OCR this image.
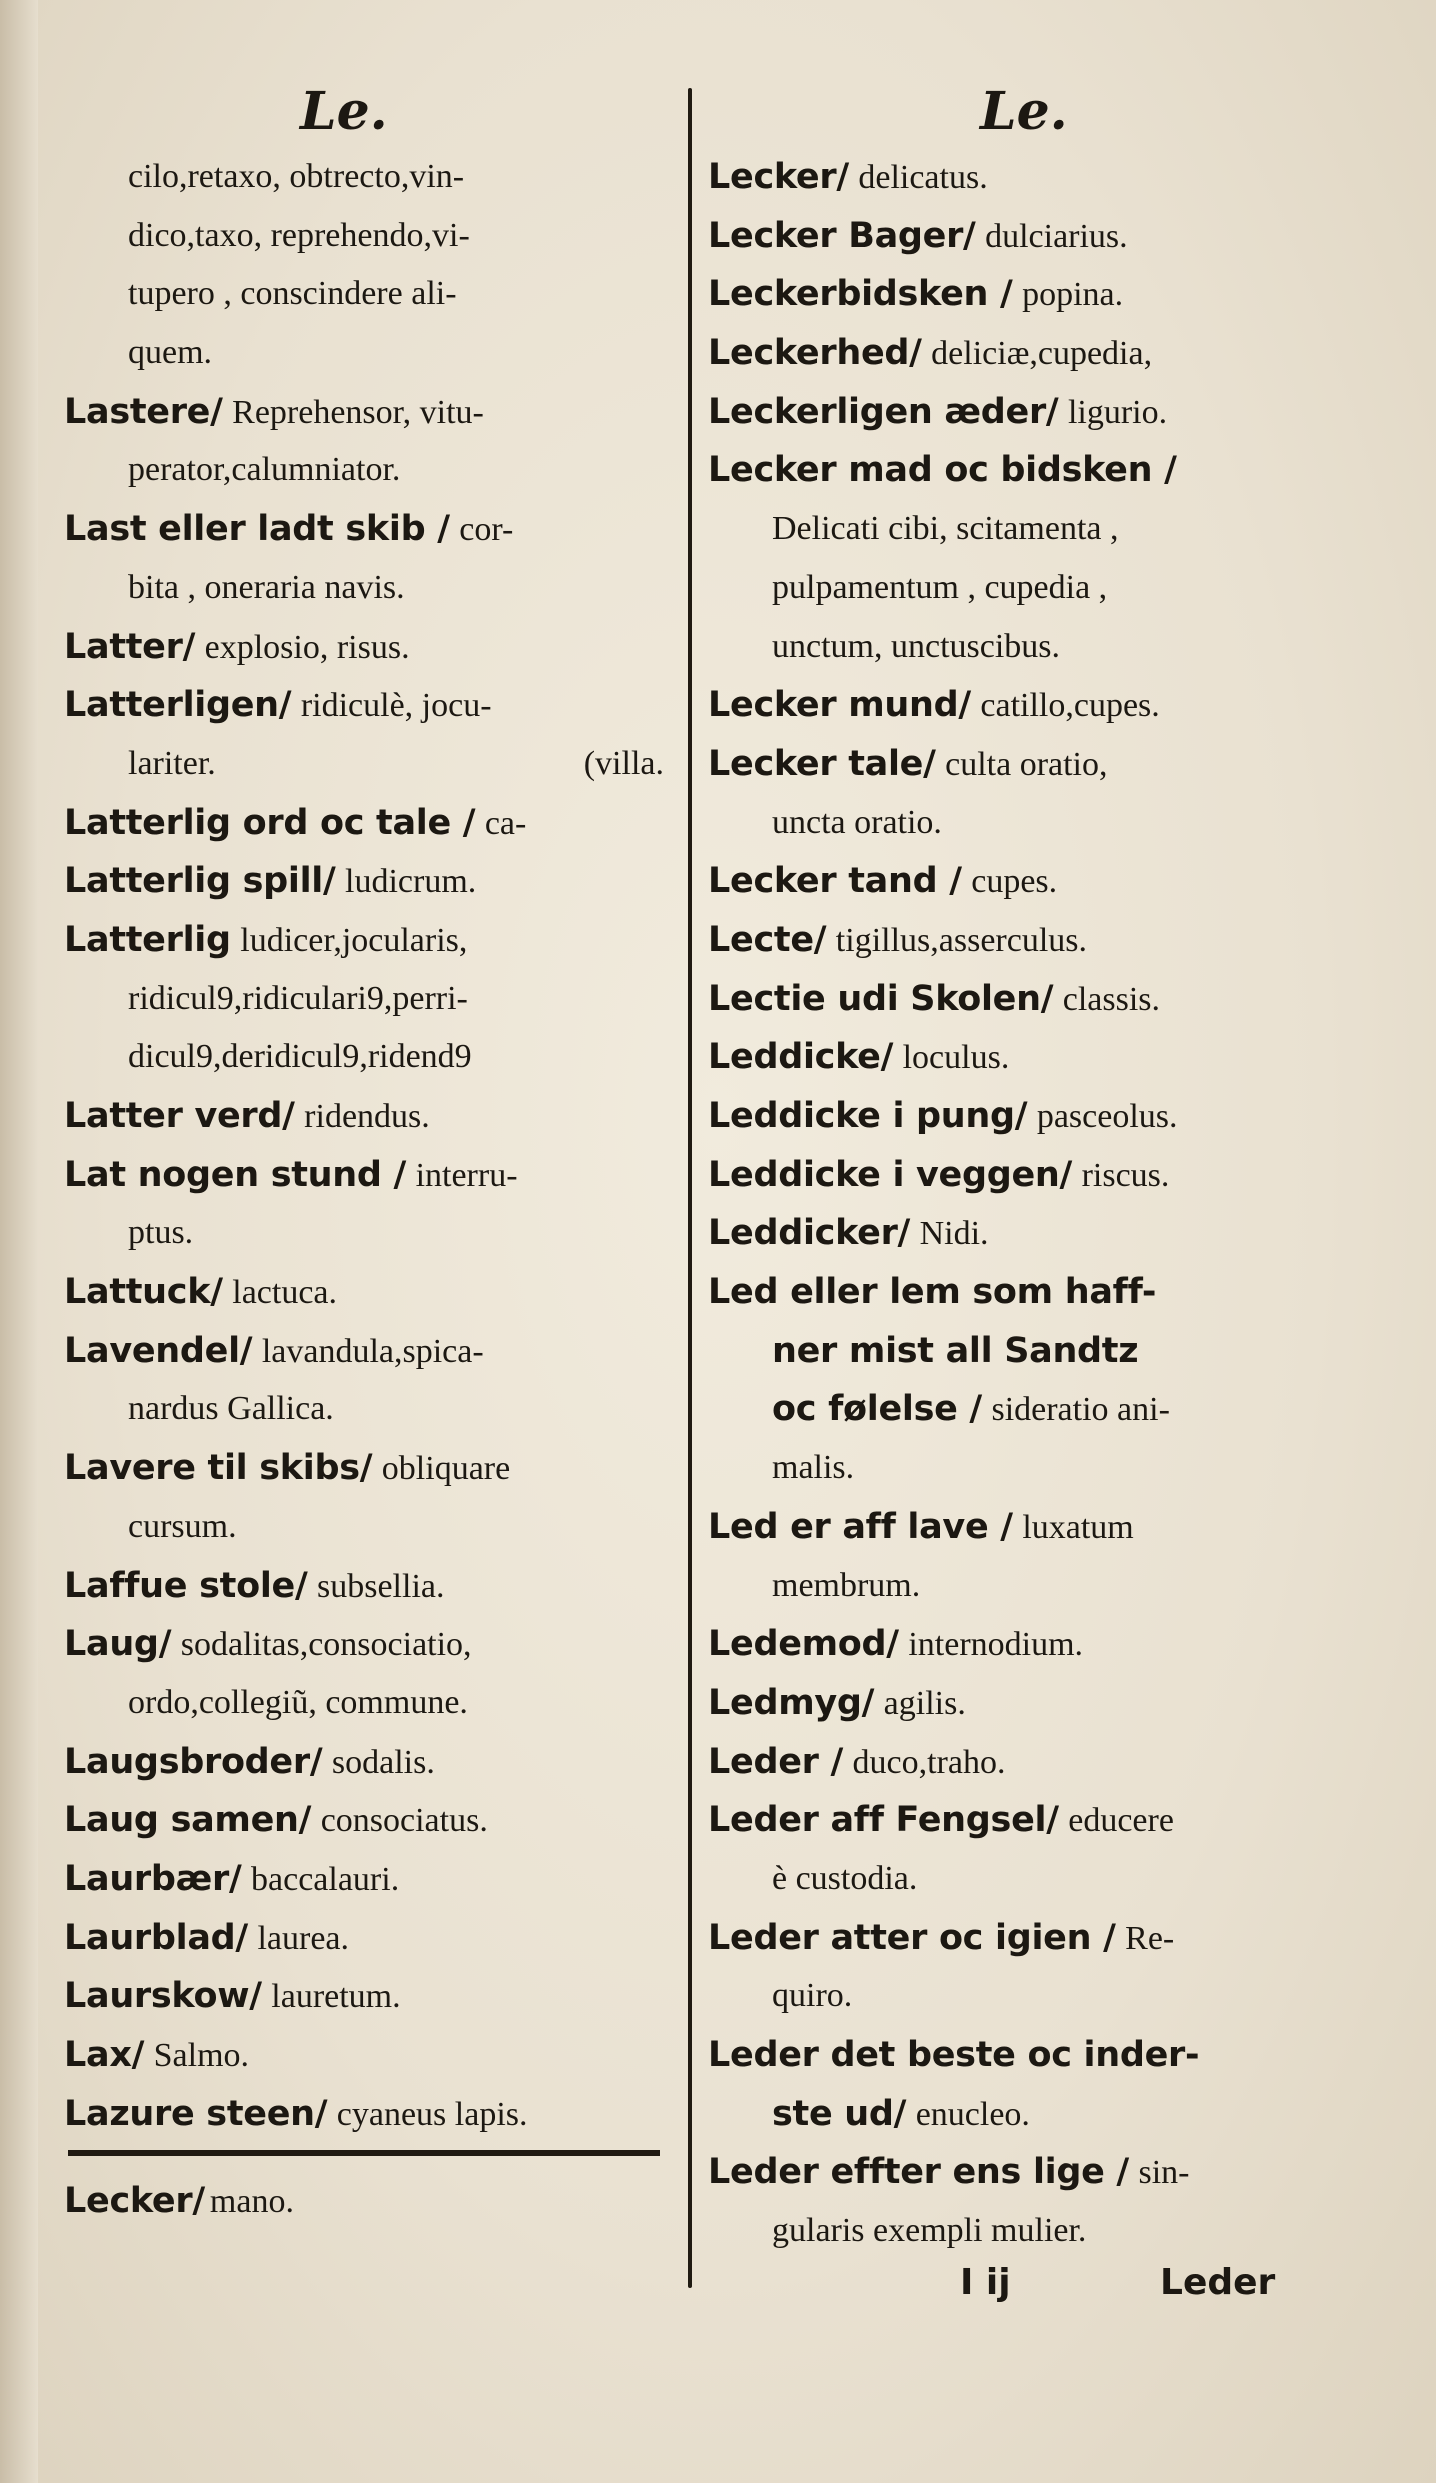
Le.	Le.
cilo,retaxo, obtrecto,vin-
dico,taxo, reprehendo,vi-
tupero , conscindere ali-
quem.
Lastere/ Reprehensor, vitu-
perator,calumniator.
Last eller ladt skib / cor-
bita , oneraria navis.
Latter/ explosio, risus.
Latterligen/ ridiculè, jocu-
lariter.	(villa.
Latterlig ord oc tale / ca-
Latterlig spill/ ludicrum.
Latterlig ludicer,jocularis,
ridicul9,ridiculari9,perri-
dicul9,deridicul9,ridend9
Latter verd/ ridendus.
Lat nogen stund / interru-
ptus.
Lattuck/ lactuca.
Lavendel/ lavandula,spica-
nardus Gallica.
Lavere til skibs/ obliquare
cursum.
Laffue stole/ subsellia.
Laug/ sodalitas,consociatio,
ordo,collegiũ, commune.
Laugsbroder/ sodalis.
Laug samen/ consociatus.
Laurbær/ baccalauri.
Laurblad/ laurea.
Laurskow/ lauretum.
Lax/ Salmo.
Lazure steen/ cyaneus lapis.
Lecker/ delicatus.
Lecker Bager/ dulciarius.
Leckerbidsken / popina.
Leckerhed/ deliciæ,cupedia,
Leckerligen æder/ ligurio.
Lecker mad oc bidsken /
Delicati cibi, scitamenta ,
pulpamentum , cupedia ,
unctum, unctuscibus.
Lecker mund/ catillo,cupes.
Lecker tale/ culta oratio,
uncta oratio.
Lecker tand / cupes.
Lecte/ tigillus,asserculus.
Lectie udi Skolen/ classis.
Leddicke/ loculus.
Leddicke i pung/ pasceolus.
Leddicke i veggen/ riscus.
Leddicker/ Nidi.
Led eller lem som haff-
ner mist all Sandtz
oc følelse / sideratio ani-
malis.
Led er aff lave / luxatum
membrum.
Ledemod/ internodium.
Ledmyg/ agilis.
Leder / duco,traho.
Leder aff Fengsel/ educere
è custodia.
Leder atter oc igien / Re-
quiro.
Leder det beste oc inder-
ste ud/ enucleo.
Leder effter ens lige / sin-
gularis exempli mulier.
Lecker/ mano.
I ij	Leder
